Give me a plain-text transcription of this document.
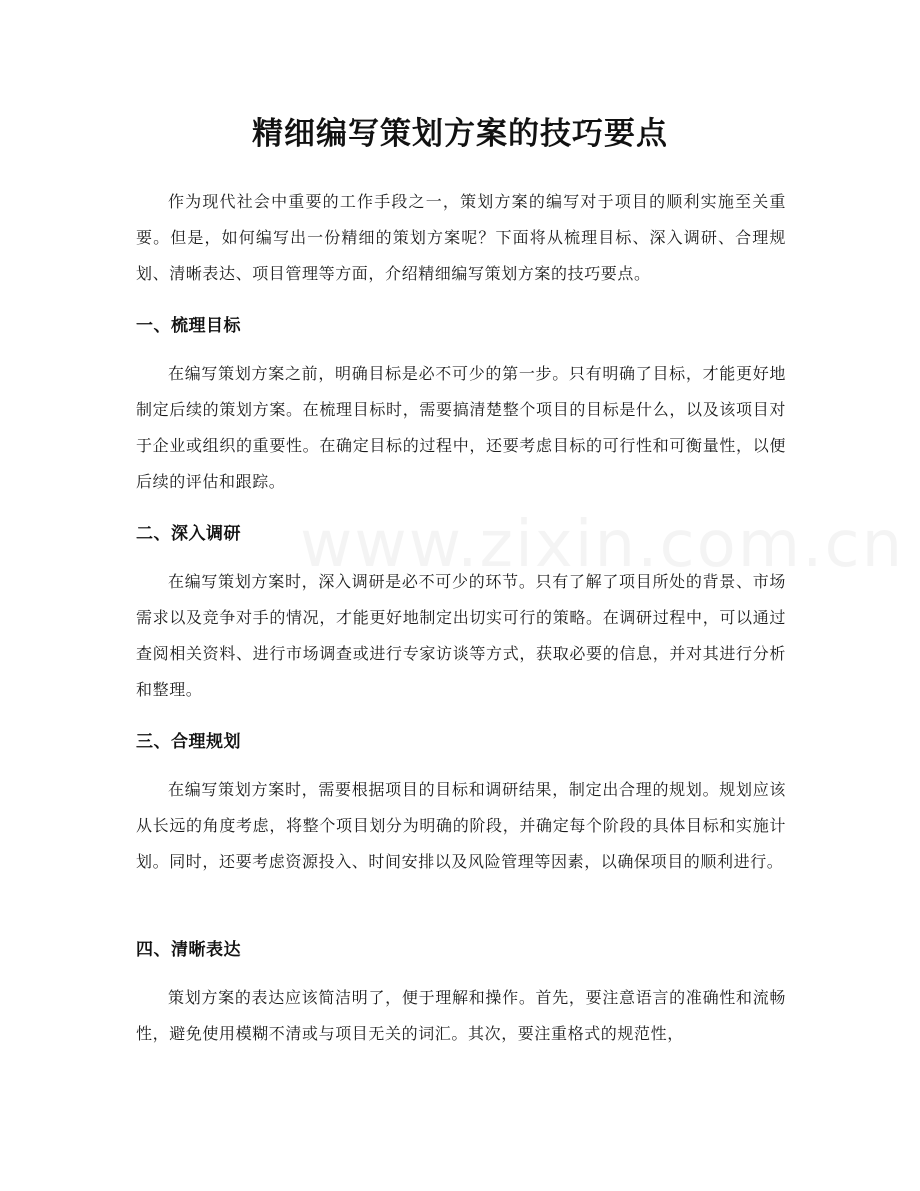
精细编写策划方案的技巧要点

作为现代社会中重要的工作手段之一，策划方案的编写对于项目的顺利实施至关重要。但是，如何编写出一份精细的策划方案呢？下面将从梳理目标、深入调研、合理规划、清晰表达、项目管理等方面，介绍精细编写策划方案的技巧要点。

一、梳理目标

在编写策划方案之前，明确目标是必不可少的第一步。只有明确了目标，才能更好地制定后续的策划方案。在梳理目标时，需要搞清楚整个项目的目标是什么，以及该项目对于企业或组织的重要性。在确定目标的过程中，还要考虑目标的可行性和可衡量性，以便后续的评估和跟踪。

二、深入调研

在编写策划方案时，深入调研是必不可少的环节。只有了解了项目所处的背景、市场需求以及竞争对手的情况，才能更好地制定出切实可行的策略。在调研过程中，可以通过查阅相关资料、进行市场调查或进行专家访谈等方式，获取必要的信息，并对其进行分析和整理。

三、合理规划

在编写策划方案时，需要根据项目的目标和调研结果，制定出合理的规划。规划应该从长远的角度考虑，将整个项目划分为明确的阶段，并确定每个阶段的具体目标和实施计划。同时，还要考虑资源投入、时间安排以及风险管理等因素，以确保项目的顺利进行。

四、清晰表达

策划方案的表达应该简洁明了，便于理解和操作。首先，要注意语言的准确性和流畅性，避免使用模糊不清或与项目无关的词汇。其次，要注重格式的规范性，
